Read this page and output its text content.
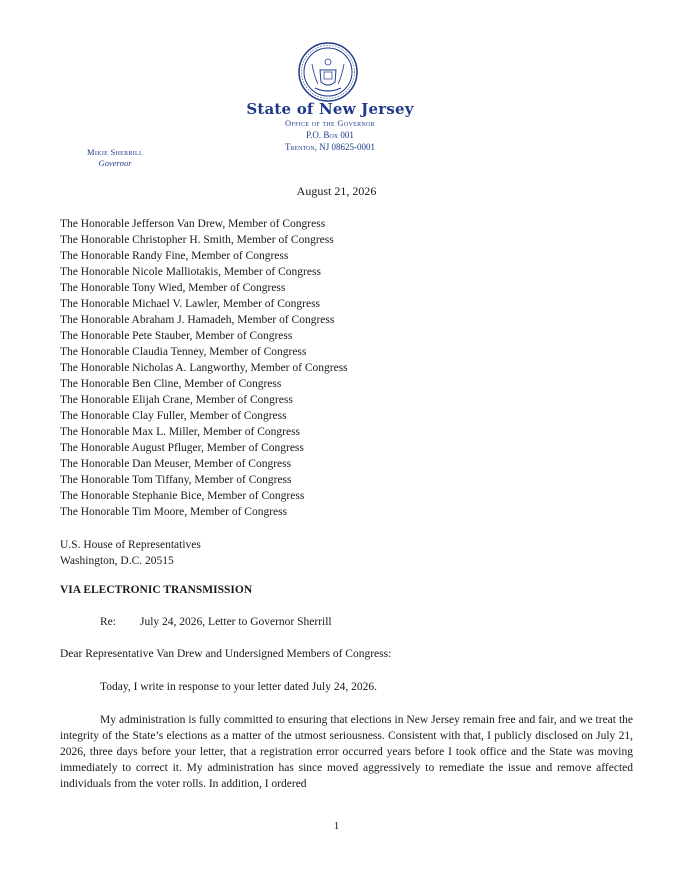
State of New Jersey
Office of the Governor
P.O. Box 001
Trenton, NJ 08625-0001
Mikie Sherrill
Governor
August 21, 2026
The Honorable Jefferson Van Drew, Member of Congress
The Honorable Christopher H. Smith, Member of Congress
The Honorable Randy Fine, Member of Congress
The Honorable Nicole Malliotakis, Member of Congress
The Honorable Tony Wied, Member of Congress
The Honorable Michael V. Lawler, Member of Congress
The Honorable Abraham J. Hamadeh, Member of Congress
The Honorable Pete Stauber, Member of Congress
The Honorable Claudia Tenney, Member of Congress
The Honorable Nicholas A. Langworthy, Member of Congress
The Honorable Ben Cline, Member of Congress
The Honorable Elijah Crane, Member of Congress
The Honorable Clay Fuller, Member of Congress
The Honorable Max L. Miller, Member of Congress
The Honorable August Pfluger, Member of Congress
The Honorable Dan Meuser, Member of Congress
The Honorable Tom Tiffany, Member of Congress
The Honorable Stephanie Bice, Member of Congress
The Honorable Tim Moore, Member of Congress
U.S. House of Representatives
Washington, D.C. 20515
VIA ELECTRONIC TRANSMISSION
Re: July 24, 2026, Letter to Governor Sherrill
Dear Representative Van Drew and Undersigned Members of Congress:
Today, I write in response to your letter dated July 24, 2026.
My administration is fully committed to ensuring that elections in New Jersey remain free and fair, and we treat the integrity of the State’s elections as a matter of the utmost seriousness. Consistent with that, I publicly disclosed on July 21, 2026, three days before your letter, that a registration error occurred years before I took office and the State was moving immediately to correct it. My administration has since moved aggressively to remediate the issue and remove affected individuals from the voter rolls. In addition, I ordered
1
